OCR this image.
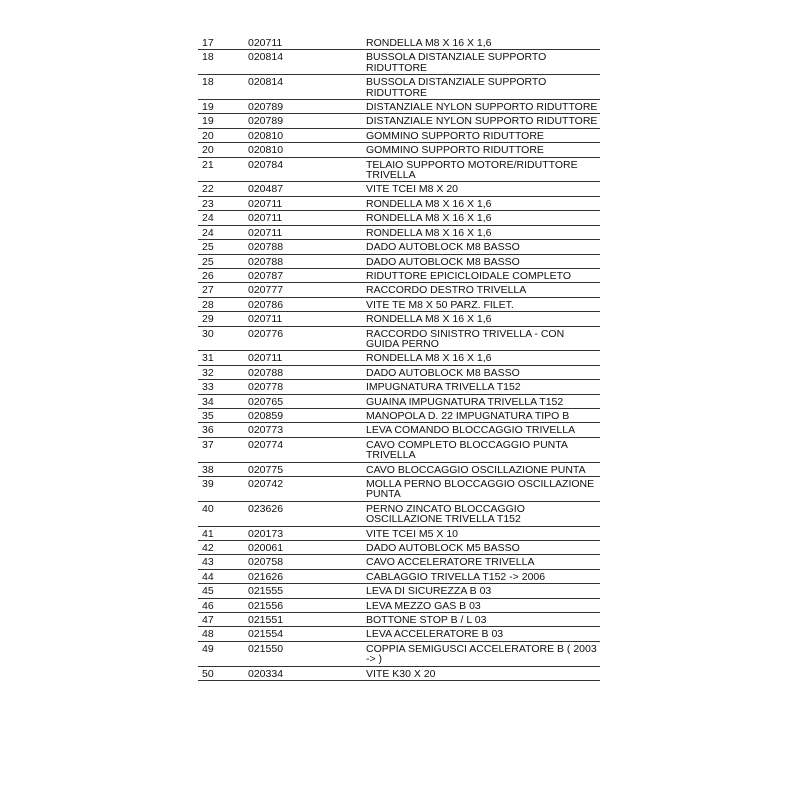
17	020711	RONDELLA M8 X 16 X 1,6
18	020814	BUSSOLA DISTANZIALE SUPPORTO RIDUTTORE
18	020814	BUSSOLA DISTANZIALE SUPPORTO RIDUTTORE
19	020789	DISTANZIALE NYLON SUPPORTO RIDUTTORE
19	020789	DISTANZIALE NYLON SUPPORTO RIDUTTORE
20	020810	GOMMINO SUPPORTO RIDUTTORE
20	020810	GOMMINO SUPPORTO RIDUTTORE
21	020784	TELAIO SUPPORTO MOTORE/RIDUTTORE TRIVELLA
22	020487	VITE TCEI M8 X 20
23	020711	RONDELLA M8 X 16 X 1,6
24	020711	RONDELLA M8 X 16 X 1,6
24	020711	RONDELLA M8 X 16 X 1,6
25	020788	DADO AUTOBLOCK M8 BASSO
25	020788	DADO AUTOBLOCK M8 BASSO
26	020787	RIDUTTORE EPICICLOIDALE COMPLETO
27	020777	RACCORDO DESTRO TRIVELLA
28	020786	VITE TE M8 X 50 PARZ. FILET.
29	020711	RONDELLA M8 X 16 X 1,6
30	020776	RACCORDO SINISTRO TRIVELLA - CON GUIDA PERNO
31	020711	RONDELLA M8 X 16 X 1,6
32	020788	DADO AUTOBLOCK M8 BASSO
33	020778	IMPUGNATURA TRIVELLA T152
34	020765	GUAINA IMPUGNATURA TRIVELLA T152
35	020859	MANOPOLA D. 22 IMPUGNATURA TIPO B
36	020773	LEVA COMANDO BLOCCAGGIO TRIVELLA
37	020774	CAVO COMPLETO BLOCCAGGIO PUNTA TRIVELLA
38	020775	CAVO BLOCCAGGIO OSCILLAZIONE PUNTA
39	020742	MOLLA PERNO BLOCCAGGIO OSCILLAZIONE PUNTA
40	023626	PERNO ZINCATO BLOCCAGGIO OSCILLAZIONE TRIVELLA T152
41	020173	VITE TCEI M5 X 10
42	020061	DADO AUTOBLOCK M5 BASSO
43	020758	CAVO ACCELERATORE TRIVELLA
44	021626	CABLAGGIO TRIVELLA T152 -> 2006
45	021555	LEVA DI SICUREZZA B 03
46	021556	LEVA MEZZO GAS B 03
47	021551	BOTTONE STOP B / L 03
48	021554	LEVA ACCELERATORE B 03
49	021550	COPPIA SEMIGUSCI ACCELERATORE B ( 2003 -> )
50	020334	VITE K30 X 20
